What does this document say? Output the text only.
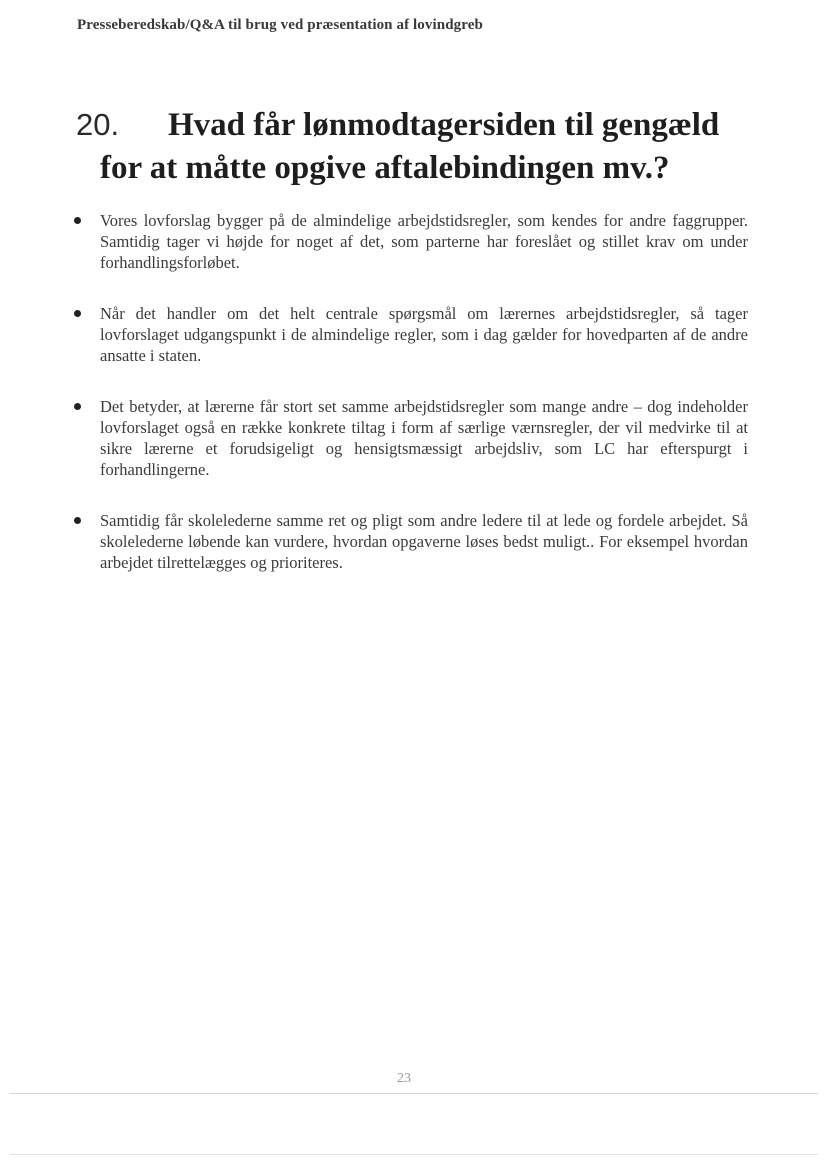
Presseberedskab/Q&A til brug ved præsentation af lovindgreb
20. Hvad får lønmodtagersiden til gengæld
for at måtte opgive aftalebindingen mv.?
Vores lovforslag bygger på de almindelige arbejdstidsregler, som kendes for andre faggrupper. Samtidig tager vi højde for noget af det, som parterne har foreslået og stillet krav om under forhandlingsforløbet.
Når det handler om det helt centrale spørgsmål om lærernes arbejdstidsregler, så tager lovforslaget udgangspunkt i de almindelige regler, som i dag gælder for hovedparten af de andre ansatte i staten.
Det betyder, at lærerne får stort set samme arbejdstidsregler som mange andre – dog indeholder lovforslaget også en række konkrete tiltag i form af særlige værnsregler, der vil medvirke til at sikre lærerne et forudsigeligt og hensigtsmæssigt arbejdsliv, som LC har efterspurgt i forhandlingerne.
Samtidig får skolelederne samme ret og pligt som andre ledere til at lede og fordele arbejdet. Så skolelederne løbende kan vurdere, hvordan opgaverne løses bedst muligt.. For eksempel hvordan arbejdet tilrettelægges og prioriteres.
23
